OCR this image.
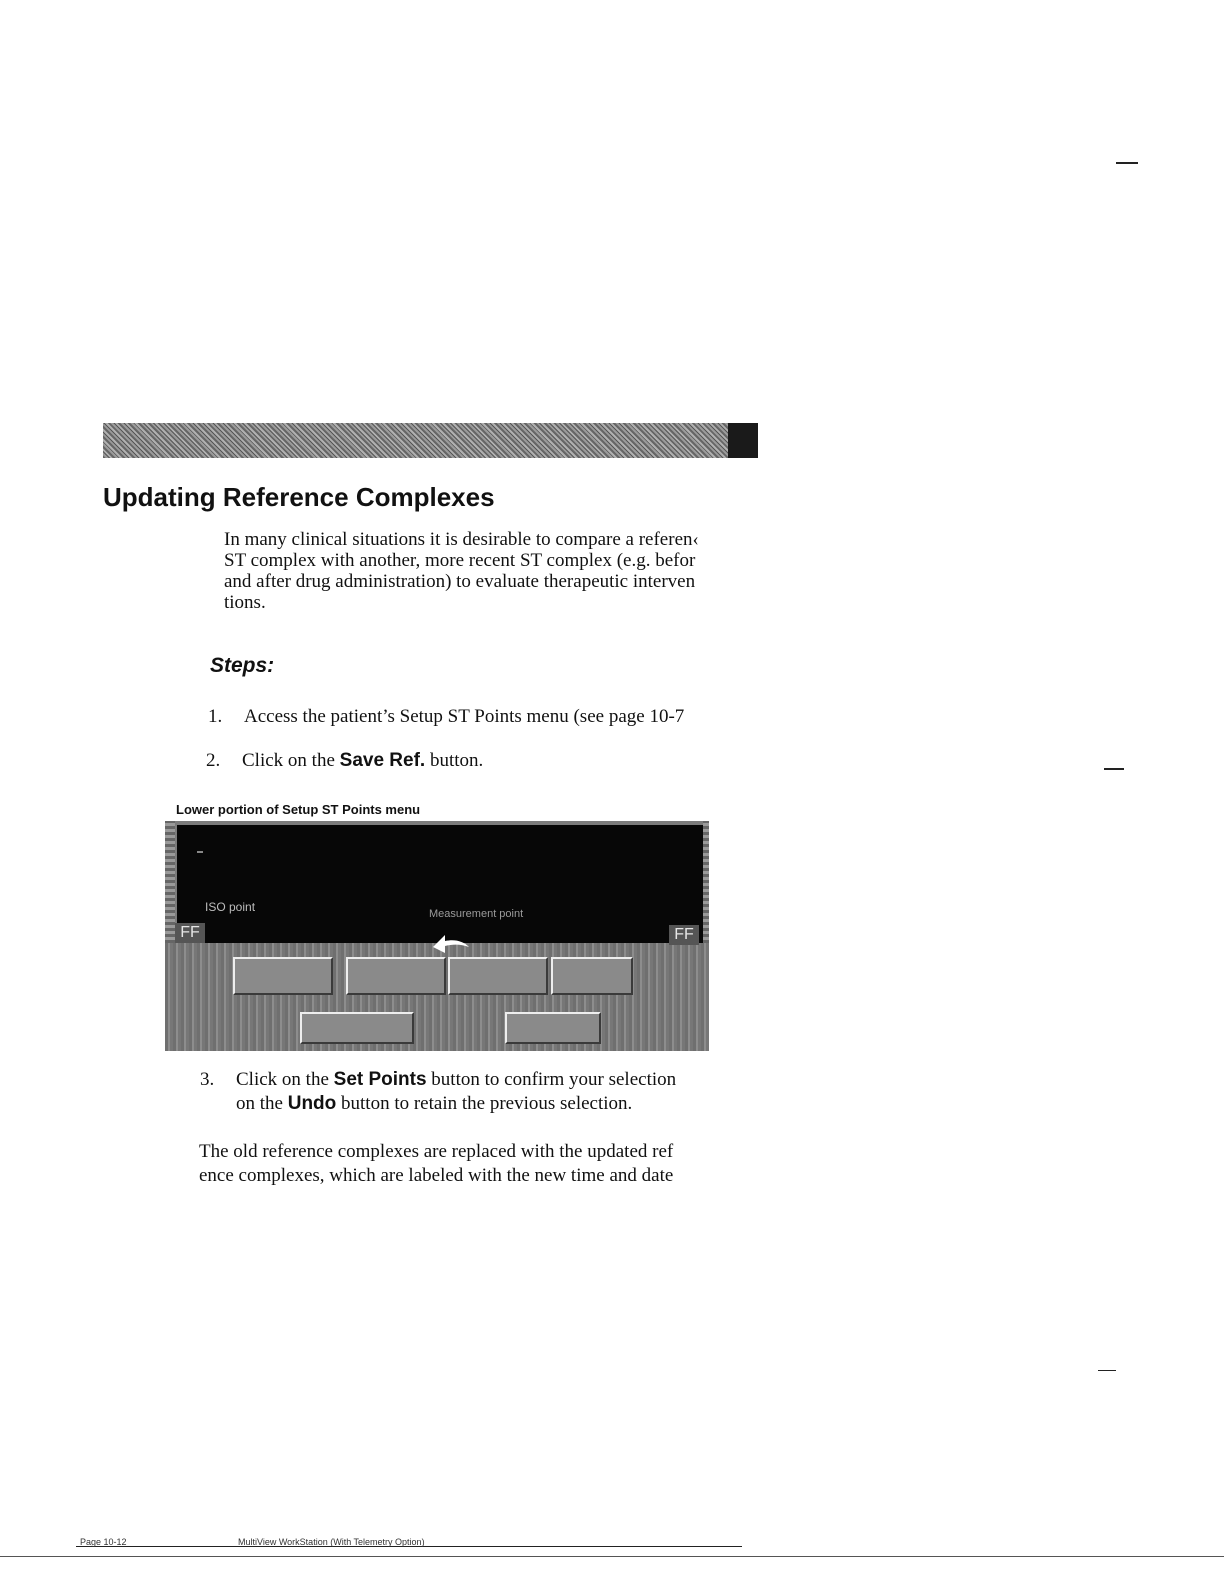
Updating Reference Complexes
In many clinical situations it is desirable to compare a referen‹
ST complex with another, more recent ST complex (e.g. befor
and after drug administration) to evaluate therapeutic interven
tions.
Steps:
1. Access the patient’s Setup ST Points menu (see page 10-7
2. Click on the Save Ref. button.
Lower portion of Setup ST Points menu
ISO point	Measurement point
FF	FF
3. Click on the Set Points button to confirm your selection
on the Undo button to retain the previous selection.
The old reference complexes are replaced with the updated ref
ence complexes, which are labeled with the new time and date
Page 10-12	MultiView WorkStation (With Telemetry Option)
